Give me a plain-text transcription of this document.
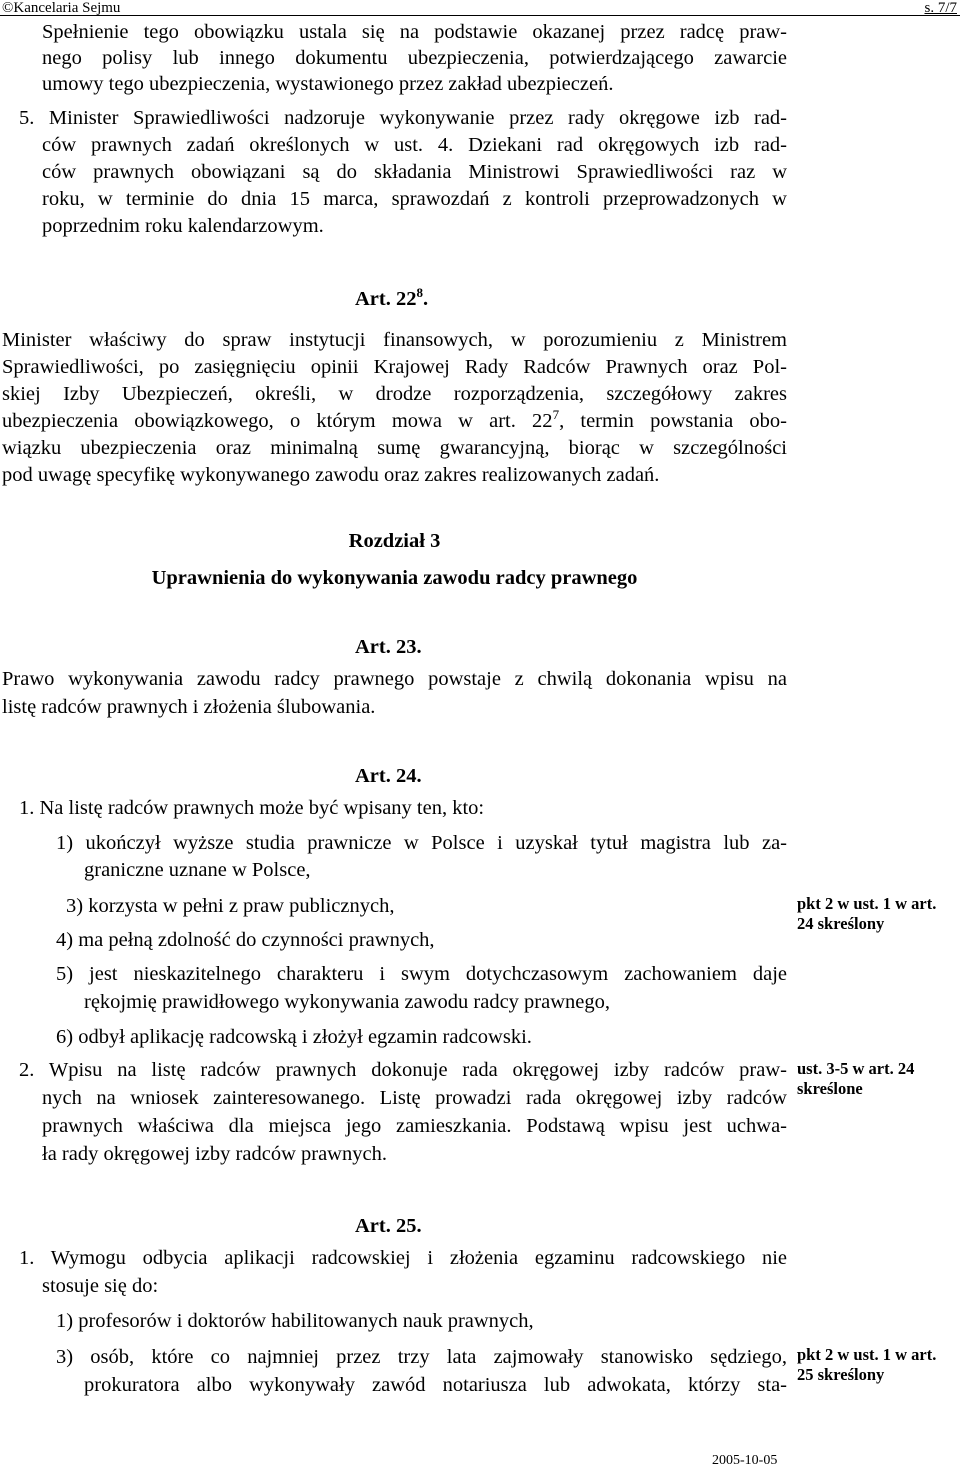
©Kancelaria Sejmu	s. 7/7
Spełnienie tego obowiązku ustala się na podstawie okazanej przez radcę praw-
nego polisy lub innego dokumentu ubezpieczenia, potwierdzającego zawarcie
umowy tego ubezpieczenia, wystawionego przez zakład ubezpieczeń.
5. Minister Sprawiedliwości nadzoruje wykonywanie przez rady okręgowe izb rad-
ców prawnych zadań określonych w ust. 4. Dziekani rad okręgowych izb rad-
ców prawnych obowiązani są do składania Ministrowi Sprawiedliwości raz w
roku, w terminie do dnia 15 marca, sprawozdań z kontroli przeprowadzonych w
poprzednim roku kalendarzowym.
Art. $22^8$.
Minister właściwy do spraw instytucji finansowych, w porozumieniu z Ministrem
Sprawiedliwości, po zasięgnięciu opinii Krajowej Rady Radców Prawnych oraz Pol-
skiej Izby Ubezpieczeń, określi, w drodze rozporządzenia, szczegółowy zakres
ubezpieczenia obowiązkowego, o którym mowa w art. $22^7$, termin powstania obo-
wiązku ubezpieczenia oraz minimalną sumę gwarancyjną, biorąc w szczególności
pod uwagę specyfikę wykonywanego zawodu oraz zakres realizowanych zadań.
Rozdział 3
Uprawnienia do wykonywania zawodu radcy prawnego
Art. 23.
Prawo wykonywania zawodu radcy prawnego powstaje z chwilą dokonania wpisu na
listę radców prawnych i złożenia ślubowania.
Art. 24.
1. Na listę radców prawnych może być wpisany ten, kto:
1) ukończył wyższe studia prawnicze w Polsce i uzyskał tytuł magistra lub za-
graniczne uznane w Polsce,
3) korzysta w pełni z praw publicznych,
4) ma pełną zdolność do czynności prawnych,
5) jest nieskazitelnego charakteru i swym dotychczasowym zachowaniem daje
rękojmię prawidłowego wykonywania zawodu radcy prawnego,
6) odbył aplikację radcowską i złożył egzamin radcowski.
2. Wpisu na listę radców prawnych dokonuje rada okręgowej izby radców praw-
nych na wniosek zainteresowanego. Listę prowadzi rada okręgowej izby radców
prawnych właściwa dla miejsca jego zamieszkania. Podstawą wpisu jest uchwa-
ła rady okręgowej izby radców prawnych.
pkt 2 w ust. 1 w art.
24 skreślony
ust. 3-5 w art. 24
skreślone
Art. 25.
1. Wymogu odbycia aplikacji radcowskiej i złożenia egzaminu radcowskiego nie
stosuje się do:
1) profesorów i doktorów habilitowanych nauk prawnych,
3) osób, które co najmniej przez trzy lata zajmowały stanowisko sędziego,
prokuratora albo wykonywały zawód notariusza lub adwokata, którzy sta-
pkt 2 w ust. 1 w art.
25 skreślony
2005-10-05
